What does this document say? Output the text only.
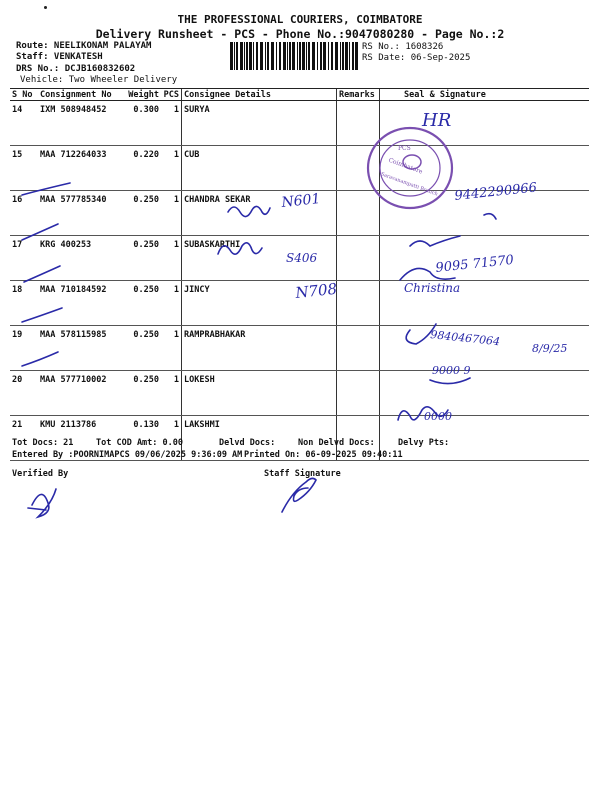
THE PROFESSIONAL COURIERS, COIMBATORE
Delivery Runsheet - PCS - Phone No.:9047080280 - Page No.:2
Route: NEELIKONAM PALAYAM
Staff: VENKATESH
DRS No.: DCJB160832602
Vehicle: Two Wheeler Delivery
RS No.: 1608326
RS Date: 06-Sep-2025
S No	Consignment No	Weight	PCS	Consignee Details	Remarks	Seal & Signature
14	IXM 508948452	0.300	1	SURYA		
15	MAA 712264033	0.220	1	CUB		
16	MAA 577785340	0.250	1	CHANDRA SEKAR		
17	KRG 400253	0.250	1	SUBASKARTHI		
18	MAA 710184592	0.250	1	JINCY		
19	MAA 578115985	0.250	1	RAMPRABHAKAR		
20	MAA 577710002	0.250	1	LOKESH		
21	KMU 2113786	0.130	1	LAKSHMI		
Tot Docs: 21	Tot COD Amt: 0.00	Delvd Docs:	Non Delvd Docs:	Delvy Pts:
Entered By :POORNIMAPCS 09/06/2025 9:36:09 AM Printed On: 06-09-2025 09:40:11
Verified By	Staff Signature
Coimbatore
Saravanampatti Branch
PCS
HR
N601	9442290966
S406	9095 71570
N708	Christina
9840467064
8/9/25
9000 9
0000
